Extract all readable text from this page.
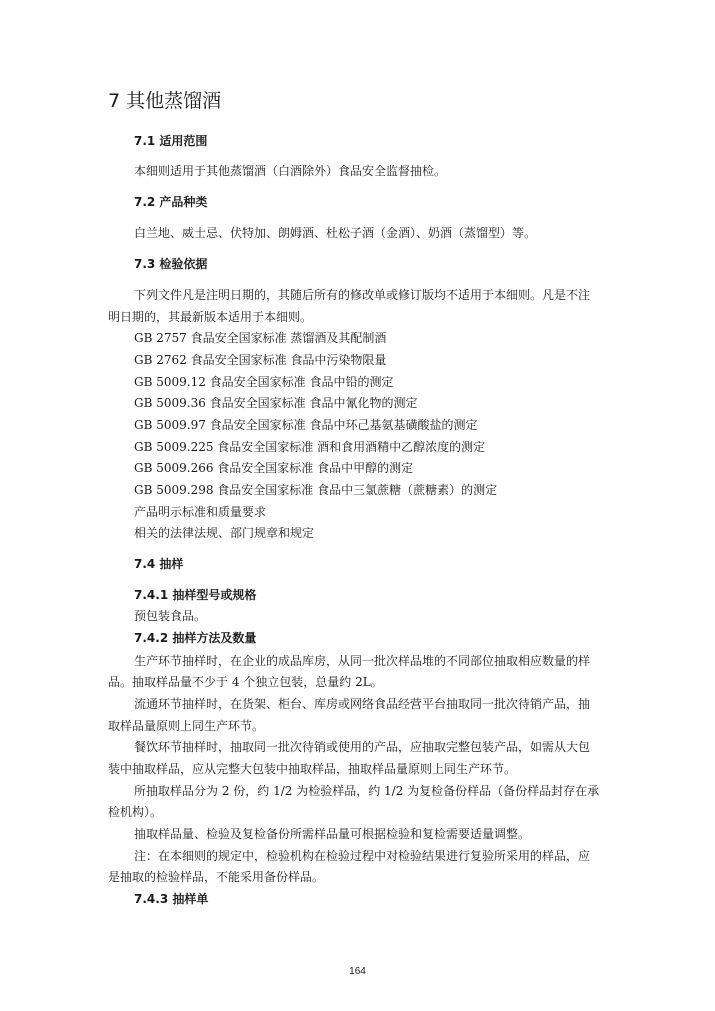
7 其他蒸馏酒
7.1 适用范围
本细则适用于其他蒸馏酒（白酒除外）食品安全监督抽检。
7.2 产品种类
白兰地、威士忌、伏特加、朗姆酒、杜松子酒（金酒）、奶酒（蒸馏型）等。
7.3 检验依据
下列文件凡是注明日期的，其随后所有的修改单或修订版均不适用于本细则。凡是不注
明日期的，其最新版本适用于本细则。
GB 2757 食品安全国家标准 蒸馏酒及其配制酒
GB 2762 食品安全国家标准 食品中污染物限量
GB 5009.12 食品安全国家标准 食品中铅的测定
GB 5009.36 食品安全国家标准 食品中氰化物的测定
GB 5009.97 食品安全国家标准 食品中环己基氨基磺酸盐的测定
GB 5009.225 食品安全国家标准 酒和食用酒精中乙醇浓度的测定
GB 5009.266 食品安全国家标准 食品中甲醇的测定
GB 5009.298 食品安全国家标准 食品中三氯蔗糖（蔗糖素）的测定
产品明示标准和质量要求
相关的法律法规、部门规章和规定
7.4 抽样
7.4.1 抽样型号或规格
预包装食品。
7.4.2 抽样方法及数量
生产环节抽样时，在企业的成品库房，从同一批次样品堆的不同部位抽取相应数量的样
品。抽取样品量不少于 4 个独立包装，总量约 2L。
流通环节抽样时，在货架、柜台、库房或网络食品经营平台抽取同一批次待销产品，抽
取样品量原则上同生产环节。
餐饮环节抽样时，抽取同一批次待销或使用的产品，应抽取完整包装产品，如需从大包
装中抽取样品，应从完整大包装中抽取样品，抽取样品量原则上同生产环节。
所抽取样品分为 2 份，约 1/2 为检验样品，约 1/2 为复检备份样品（备份样品封存在承
检机构）。
抽取样品量、检验及复检备份所需样品量可根据检验和复检需要适量调整。
注：在本细则的规定中，检验机构在检验过程中对检验结果进行复验所采用的样品，应
是抽取的检验样品，不能采用备份样品。
7.4.3 抽样单
164
